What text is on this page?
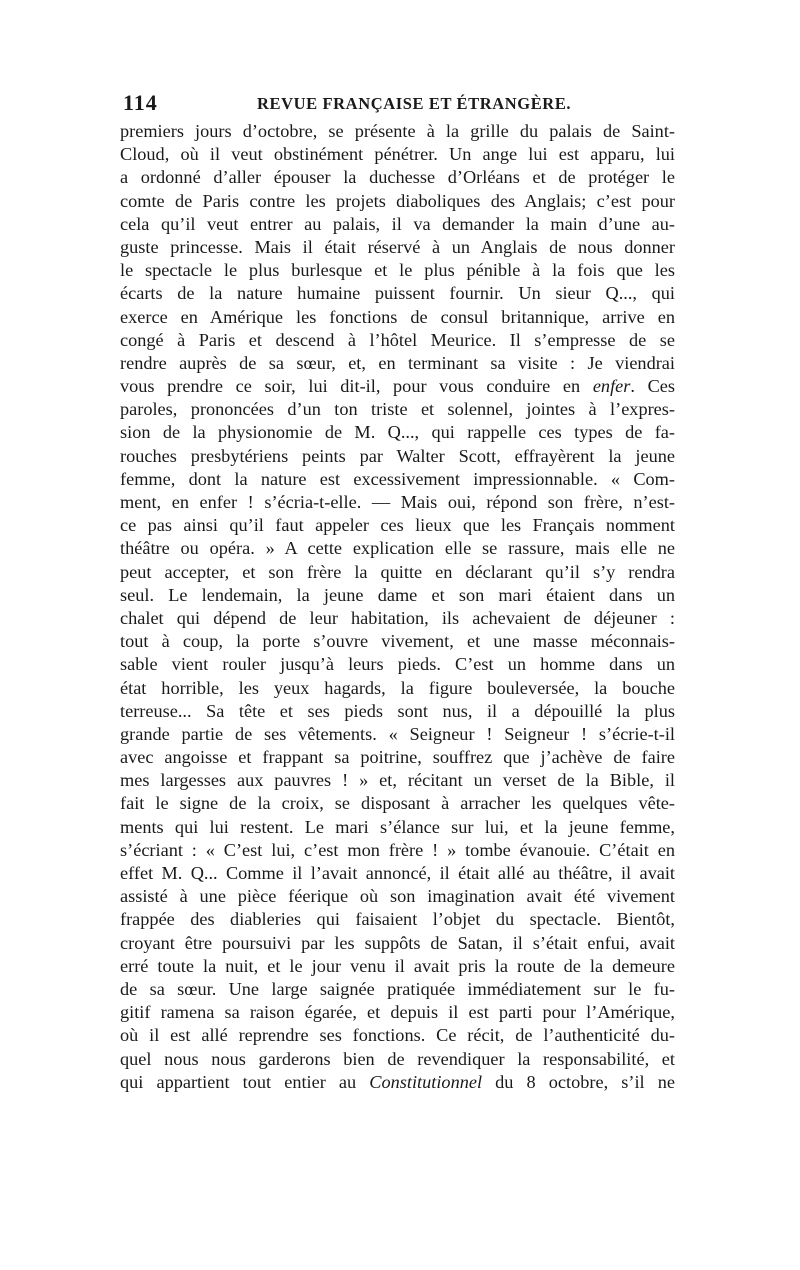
114	REVUE FRANÇAISE ET ÉTRANGÈRE.
premiers jours d’octobre, se présente à la grille du palais de Saint-
Cloud, où il veut obstinément pénétrer. Un ange lui est apparu, lui
a ordonné d’aller épouser la duchesse d’Orléans et de protéger le
comte de Paris contre les projets diaboliques des Anglais; c’est pour
cela qu’il veut entrer au palais, il va demander la main d’une au-
guste princesse. Mais il était réservé à un Anglais de nous donner
le spectacle le plus burlesque et le plus pénible à la fois que les
écarts de la nature humaine puissent fournir. Un sieur Q..., qui
exerce en Amérique les fonctions de consul britannique, arrive en
congé à Paris et descend à l’hôtel Meurice. Il s’empresse de se
rendre auprès de sa sœur, et, en terminant sa visite : Je viendrai
vous prendre ce soir, lui dit-il, pour vous conduire en enfer. Ces
paroles, prononcées d’un ton triste et solennel, jointes à l’expres-
sion de la physionomie de M. Q..., qui rappelle ces types de fa-
rouches presbytériens peints par Walter Scott, effrayèrent la jeune
femme, dont la nature est excessivement impressionnable. « Com-
ment, en enfer ! s’écria-t-elle. — Mais oui, répond son frère, n’est-
ce pas ainsi qu’il faut appeler ces lieux que les Français nomment
théâtre ou opéra. » A cette explication elle se rassure, mais elle ne
peut accepter, et son frère la quitte en déclarant qu’il s’y rendra
seul. Le lendemain, la jeune dame et son mari étaient dans un
chalet qui dépend de leur habitation, ils achevaient de déjeuner :
tout à coup, la porte s’ouvre vivement, et une masse méconnais-
sable vient rouler jusqu’à leurs pieds. C’est un homme dans un
état horrible, les yeux hagards, la figure bouleversée, la bouche
terreuse... Sa tête et ses pieds sont nus, il a dépouillé la plus
grande partie de ses vêtements. « Seigneur ! Seigneur ! s’écrie-t-il
avec angoisse et frappant sa poitrine, souffrez que j’achève de faire
mes largesses aux pauvres ! » et, récitant un verset de la Bible, il
fait le signe de la croix, se disposant à arracher les quelques vête-
ments qui lui restent. Le mari s’élance sur lui, et la jeune femme,
s’écriant : « C’est lui, c’est mon frère ! » tombe évanouie. C’était en
effet M. Q... Comme il l’avait annoncé, il était allé au théâtre, il avait
assisté à une pièce féerique où son imagination avait été vivement
frappée des diableries qui faisaient l’objet du spectacle. Bientôt,
croyant être poursuivi par les suppôts de Satan, il s’était enfui, avait
erré toute la nuit, et le jour venu il avait pris la route de la demeure
de sa sœur. Une large saignée pratiquée immédiatement sur le fu-
gitif ramena sa raison égarée, et depuis il est parti pour l’Amérique,
où il est allé reprendre ses fonctions. Ce récit, de l’authenticité du-
quel nous nous garderons bien de revendiquer la responsabilité, et
qui appartient tout entier au Constitutionnel du 8 octobre, s’il ne
